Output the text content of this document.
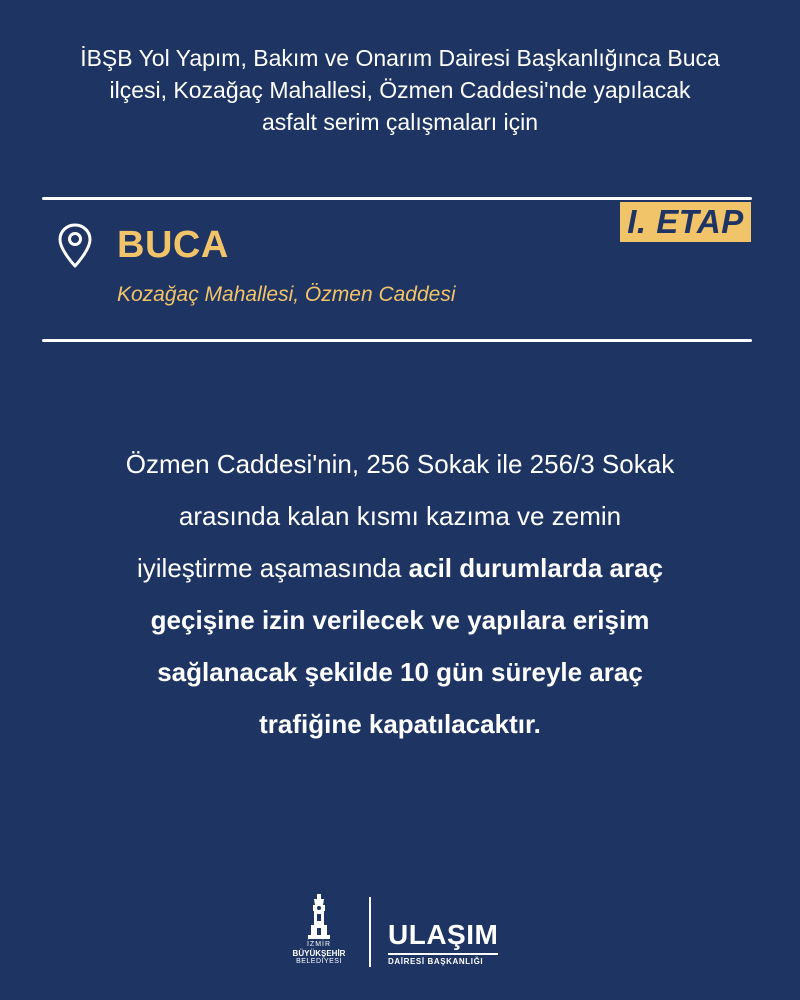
İBŞB Yol Yapım, Bakım ve Onarım Dairesi Başkanlığınca Buca

ilçesi, Kozağaç Mahallesi, Özmen Caddesi'nde yapılacak

asfalt serim çalışmaları için

I. ETAP
BUCA
Kozağaç Mahallesi, Özmen Caddesi

Özmen Caddesi'nin, 256 Sokak ile 256/3 Sokak

arasında kalan kısmı kazıma ve zemin

iyileştirme aşamasında acil durumlarda araç

geçişine izin verilecek ve yapılara erişim

sağlanacak şekilde 10 gün süreyle araç

trafiğine kapatılacaktır.

İZMİR
BÜYÜKŞEHİR
BELEDİYESİ
ULAŞIM
DAİRESİ BAŞKANLIĞI
